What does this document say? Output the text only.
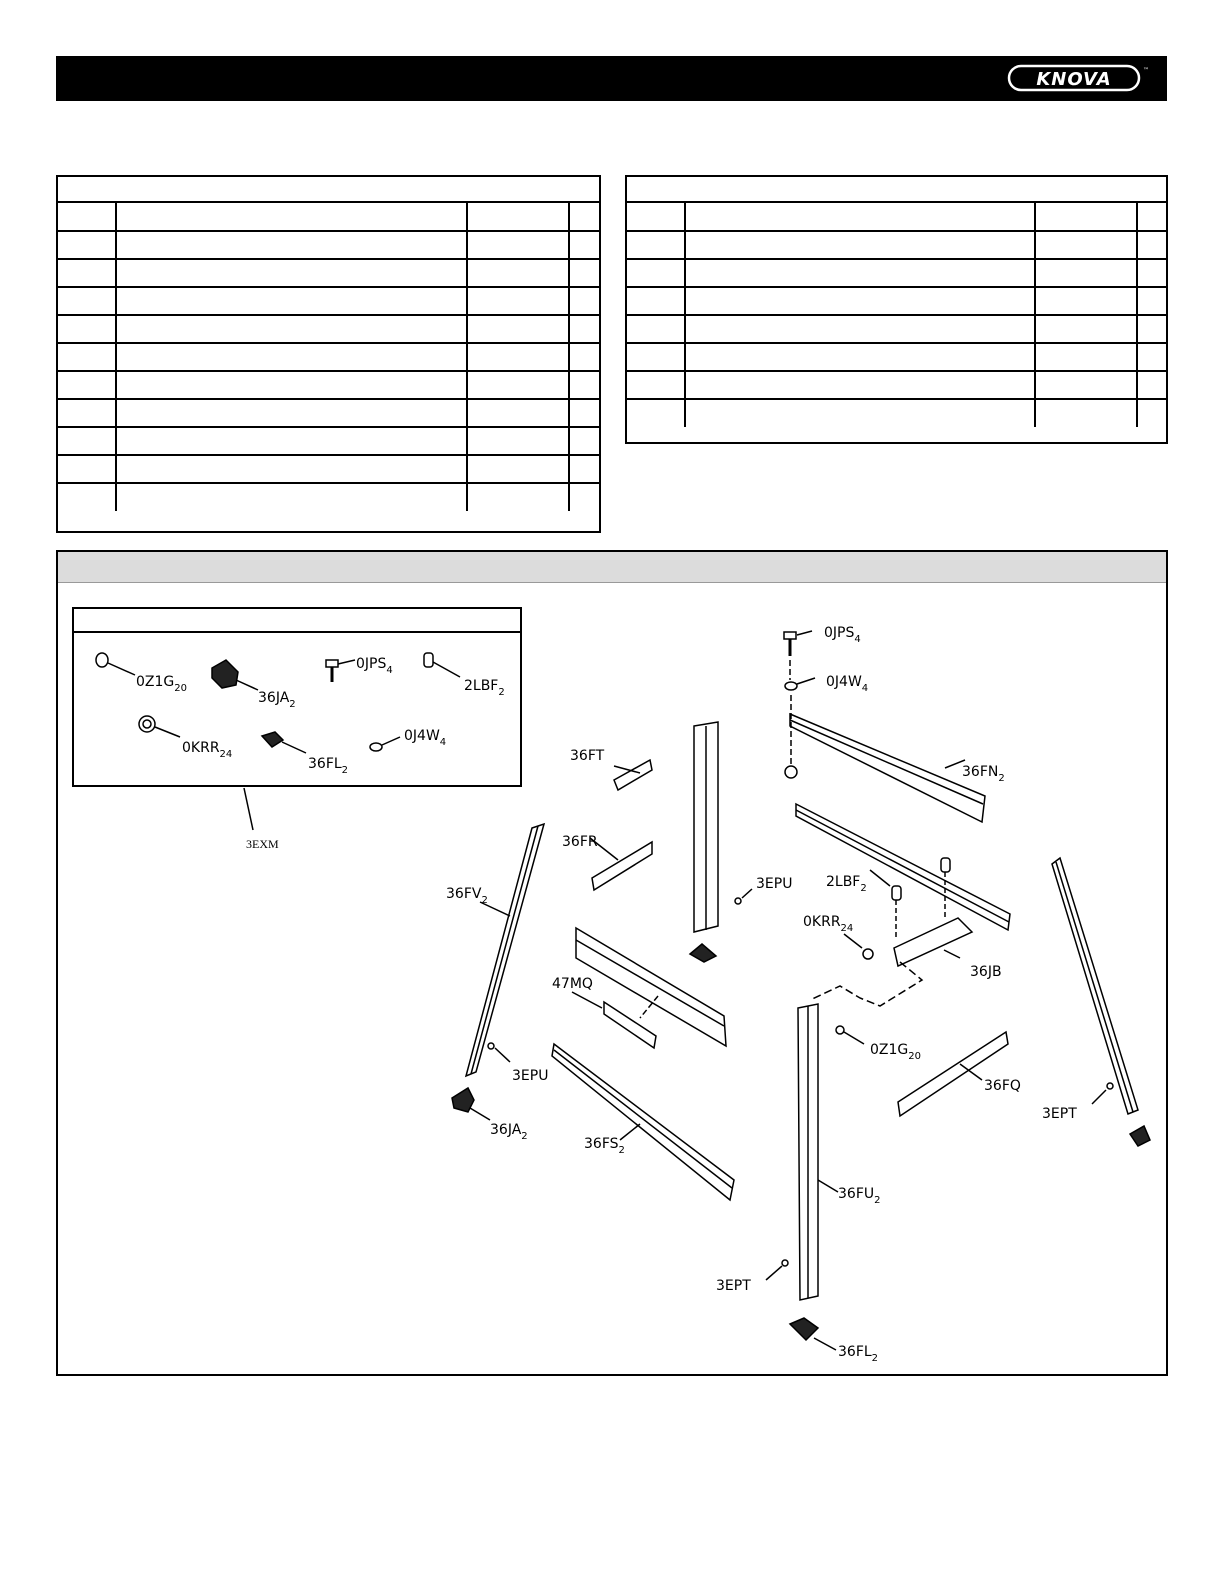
KNOVA	™

$0Z1G_{20}$
$36JA_2$
$0JPS_4$
$2LBF_2$
$0KRR_{24}$
$36FL_2$
$0J4W_4$
$0JPS_4$
$0J4W_4$
$36FN_2$
36FT
36FR
3EPU $2LBF_2$
$0KRR_{24}$
36JB
$36FV_2$
47MQ
$0Z1G_{20}$
3EPU
36FQ
$36JA_2$	$36FS_2$
3EPT
$36FU_2$
3EPT
$36FL_2$
3EXM
